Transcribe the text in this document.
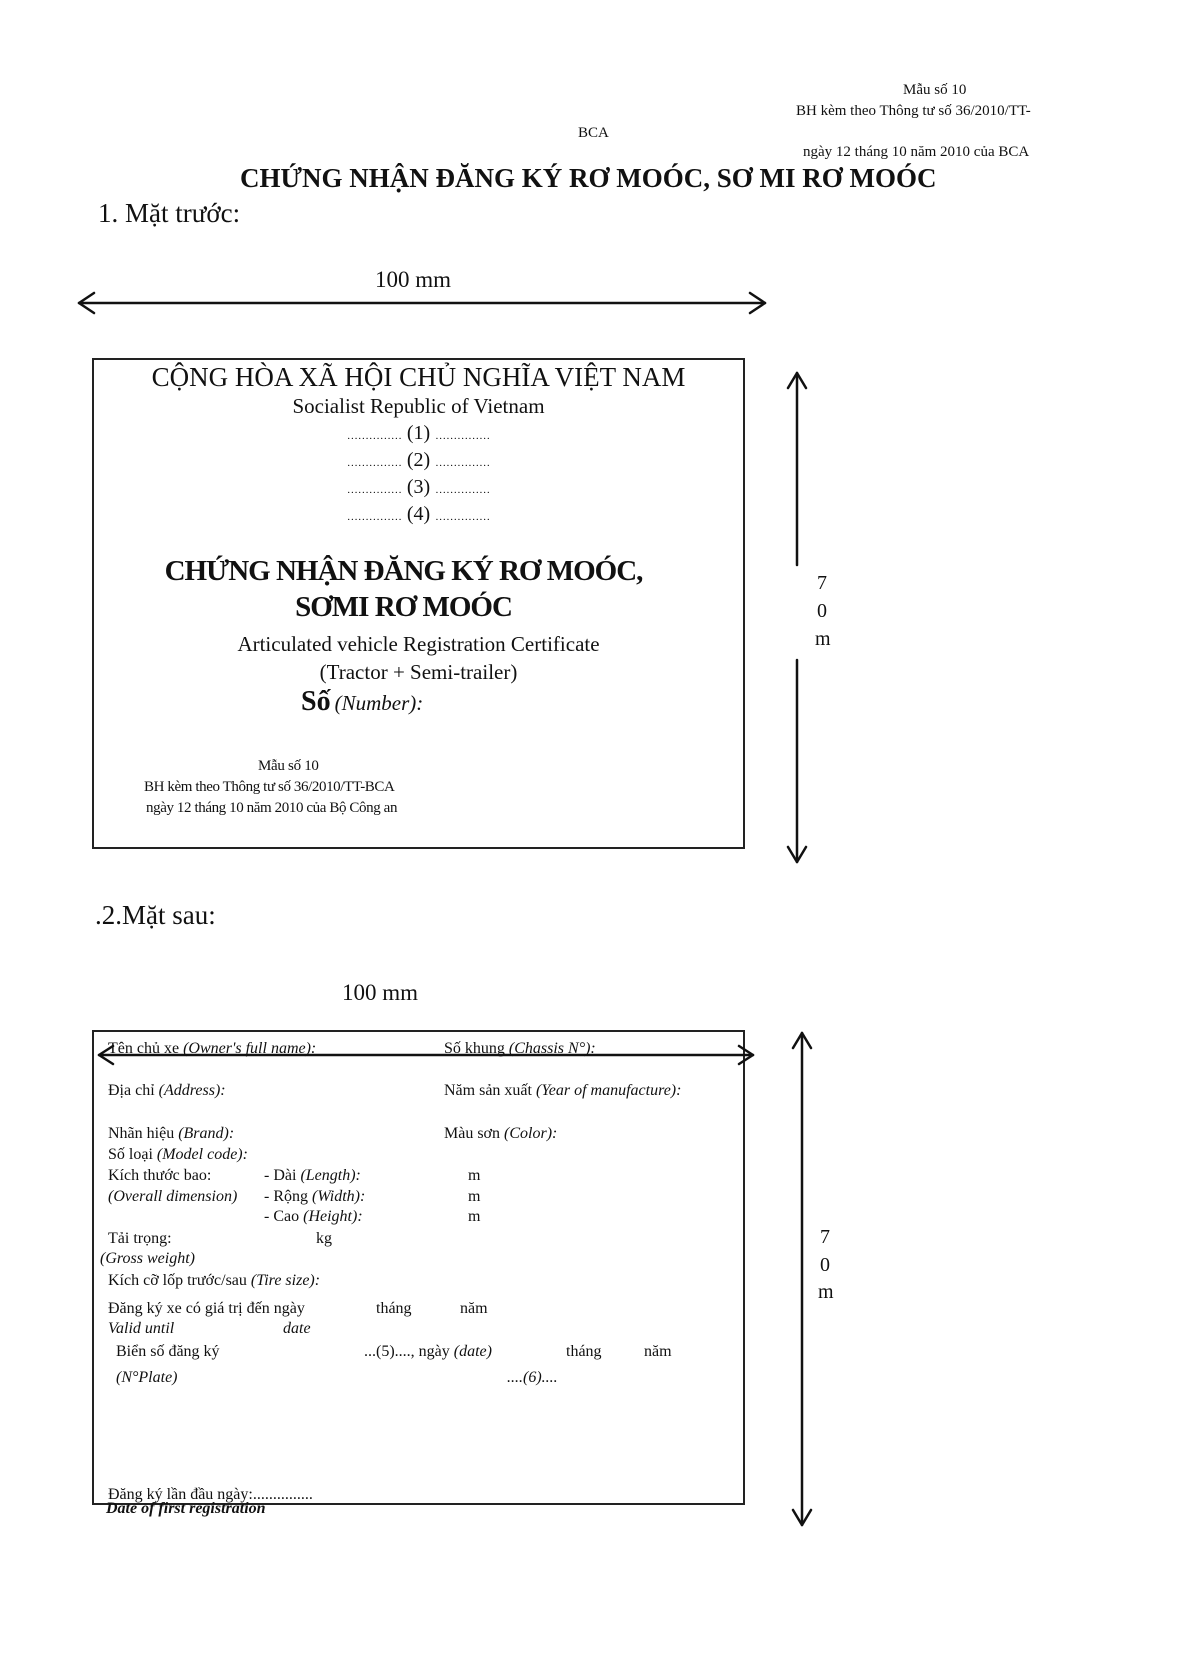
Mẫu số 10
BH kèm theo Thông tư số 36/2010/TT-
BCA
ngày 12 tháng 10 năm 2010 của BCA
CHỨNG NHẬN ĐĂNG KÝ RƠ MOÓC, SƠ MI RƠ MOÓC
1. Mặt trước:
100 mm
CỘNG HÒA XÃ HỘI CHỦ NGHĨA VIỆT NAM
Socialist Republic of Vietnam
…………… (1) ……………
…………… (2) ……………
…………… (3) ……………
…………… (4) ……………
CHỨNG NHẬN ĐĂNG KÝ RƠ MOÓC,
SƠMI RƠ MOÓC
Articulated vehicle Registration Certificate
(Tractor + Semi-trailer)
Số (Number):
Mẫu số 10
BH kèm theo Thông tư số 36/2010/TT-BCA
ngày 12 tháng 10 năm 2010 của Bộ Công an
7
0
m
.2.Mặt sau:
100 mm
Tên chủ xe (Owner's full name):	Số khung (Chassis N°):
Địa chỉ (Address):	Năm sản xuất (Year of manufacture):
Nhãn hiệu (Brand):	Màu sơn (Color):
Số loại (Model code):
Kích thước bao:	- Dài (Length):	m
(Overall dimension) - Rộng (Width):	m
- Cao (Height):	m
Tải trọng:	kg
(Gross weight)
Kích cỡ lốp trước/sau (Tire size):
Đăng ký xe có giá trị đến ngày	tháng	năm
Valid until	date
Biển số đăng ký	...(5)...., ngày (date)	tháng	năm
(N°Plate)	....(6)....
Đăng ký lần đầu ngày:...............
Date of first registration
7
0
m
